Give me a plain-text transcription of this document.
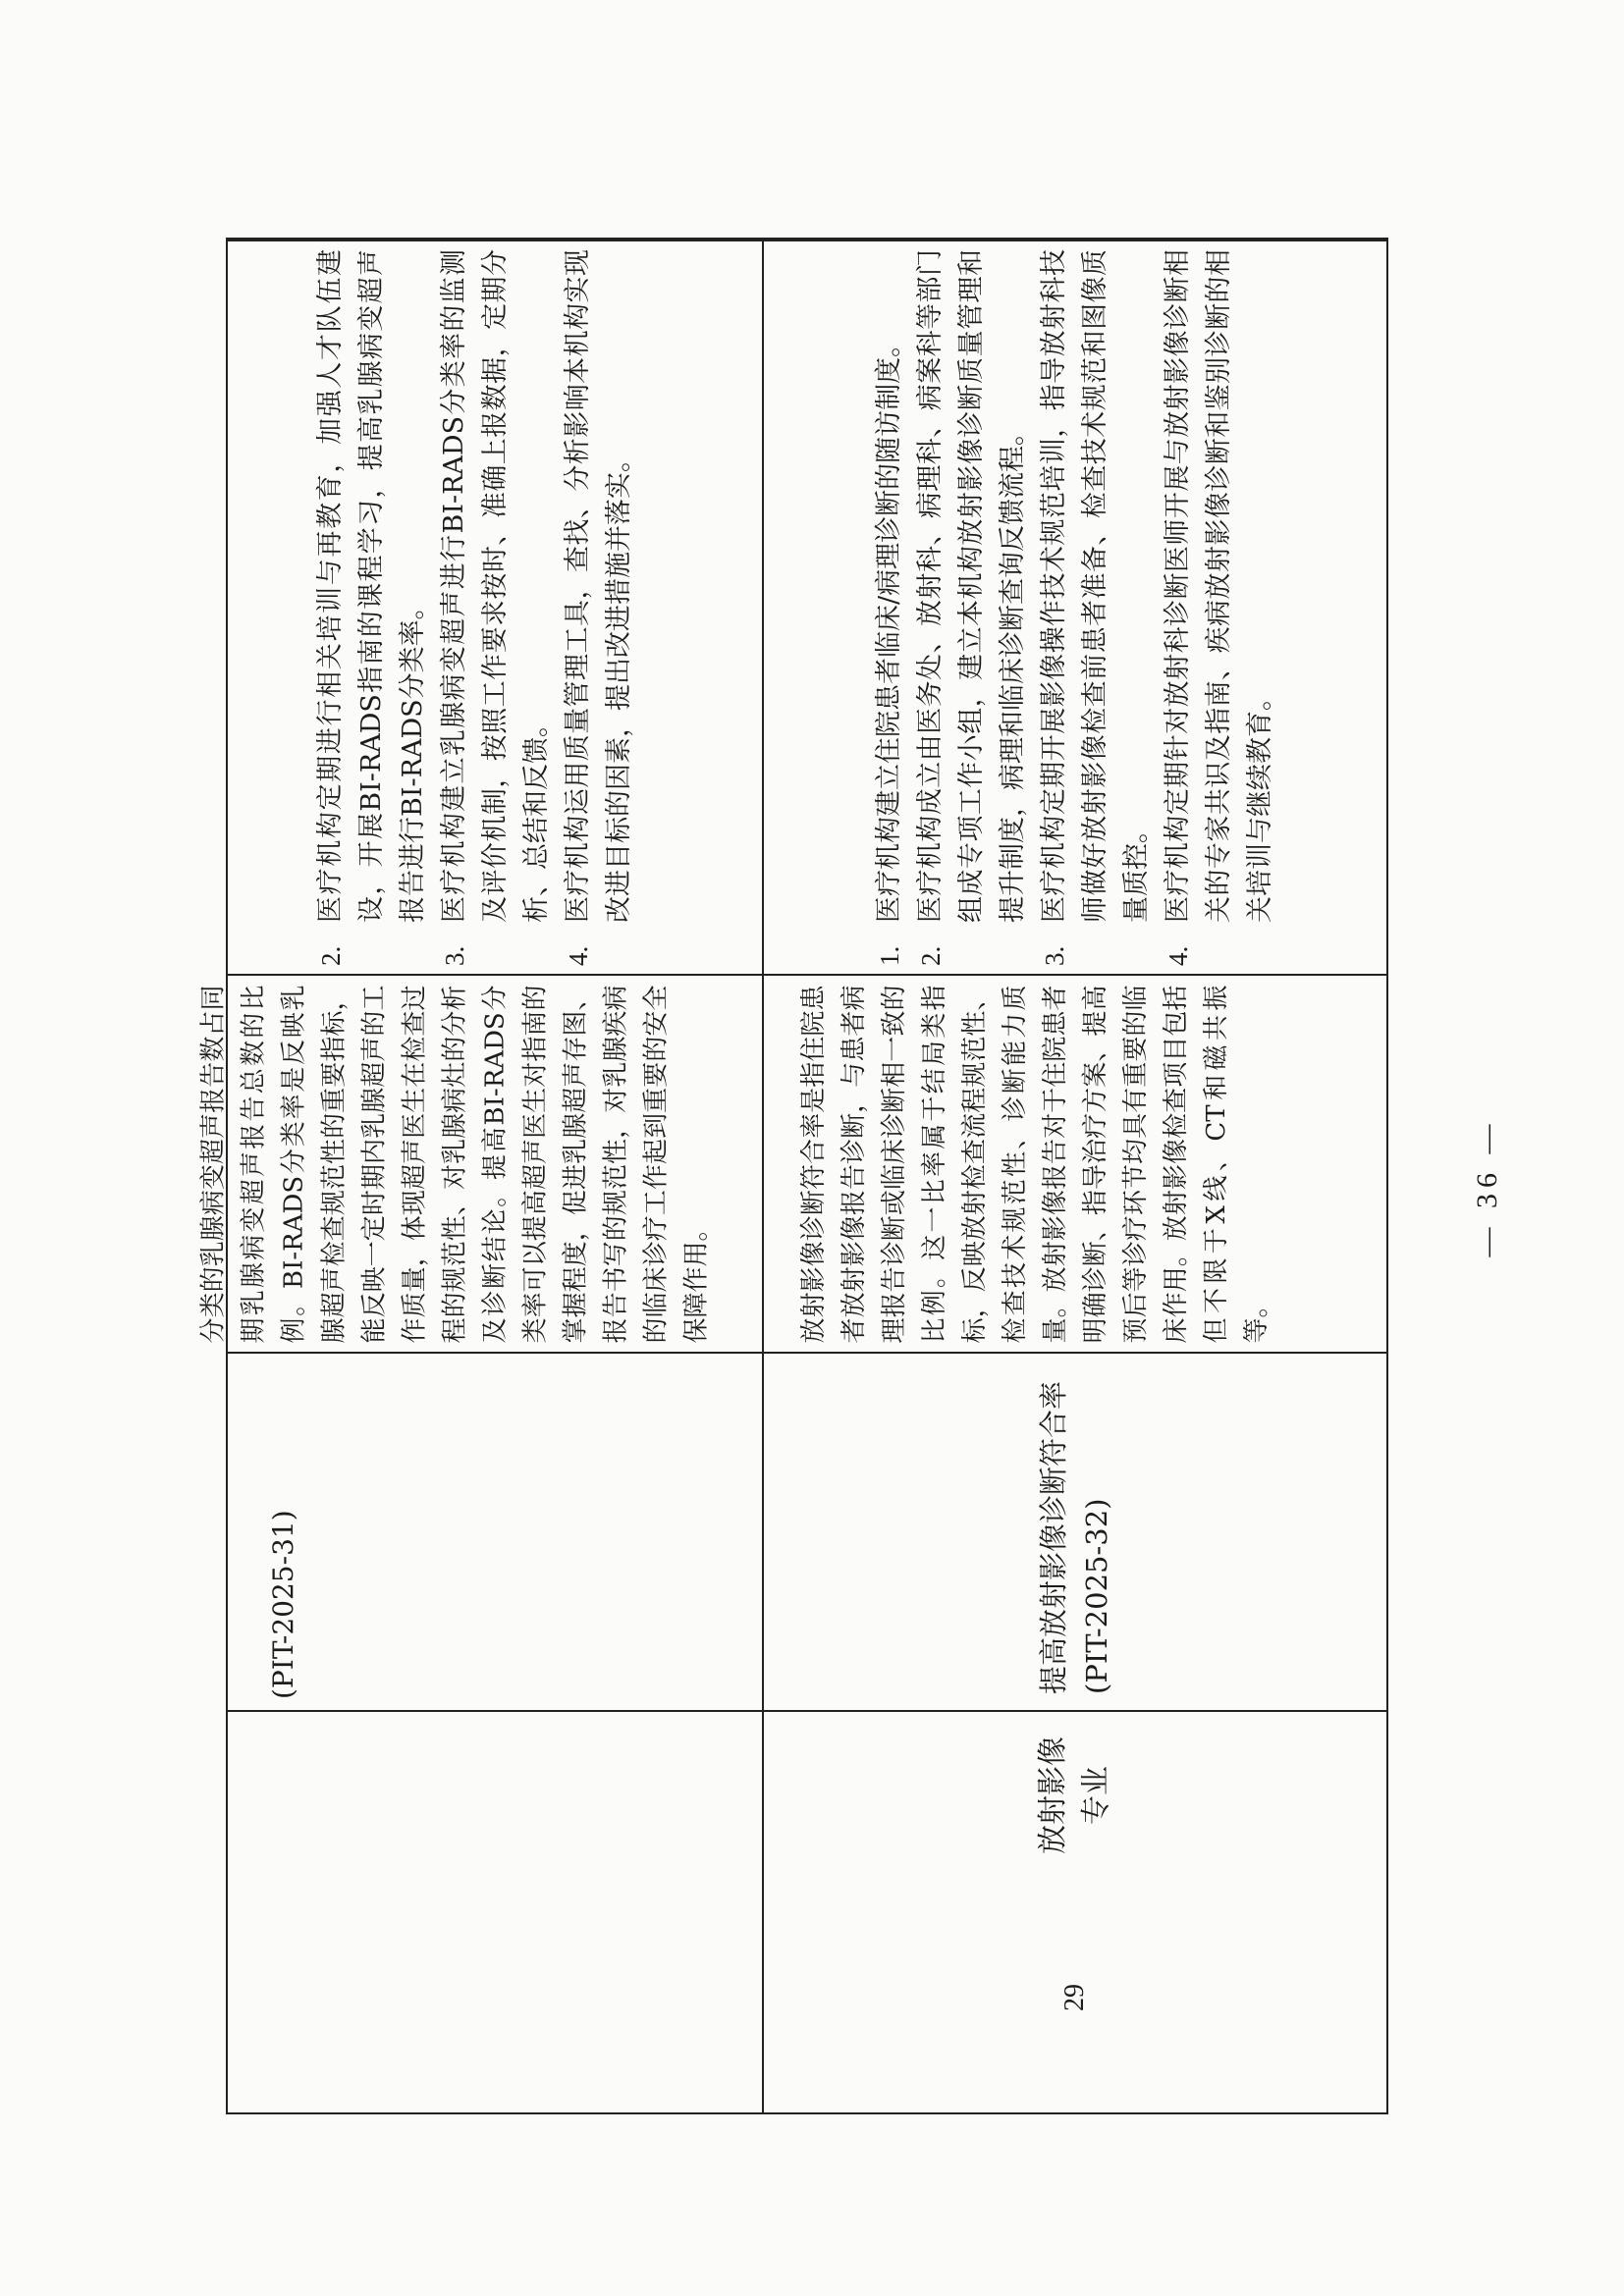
(PIT-2025-31)
分类的乳腺病变超声报告数占同期乳腺病变超声报告总数的比例。BI-RADS分类率是反映乳腺超声检查规范性的重要指标，能反映一定时期内乳腺超声的工作质量，体现超声医生在检查过程的规范性、对乳腺病灶的分析及诊断结论。提高BI-RADS分类率可以提高超声医生对指南的掌握程度，促进乳腺超声存图、报告书写的规范性，对乳腺疾病的临床诊疗工作起到重要的安全保障作用。
2.
医疗机构定期进行相关培训与再教育，加强人才队伍建设，开展BI-RADS指南的课程学习，提高乳腺病变超声报告进行BI-RADS分类率。
3.
医疗机构建立乳腺病变超声进行BI-RADS分类率的监测及评价机制，按照工作要求按时、准确上报数据，定期分析、总结和反馈。
4.
医疗机构运用质量管理工具，查找、分析影响本机构实现改进目标的因素，提出改进措施并落实。
29
放射影像专业
提高放射影像诊断符合率(PIT-2025-32)
放射影像诊断符合率是指住院患者放射影像报告诊断，与患者病理报告诊断或临床诊断相一致的比例。这一比率属于结局类指标，反映放射检查流程规范性、检查技术规范性、诊断能力质量。放射影像报告对于住院患者明确诊断、指导治疗方案、提高预后等诊疗环节均具有重要的临床作用。放射影像检查项目包括但不限于X线、CT和磁共振等。
1.
医疗机构建立住院患者临床/病理诊断的随访制度。
2.
医疗机构成立由医务处、放射科、病理科、病案科等部门组成专项工作小组，建立本机构放射影像诊断质量管理和提升制度，病理和临床诊断查询反馈流程。
3.
医疗机构定期开展影像操作技术规范培训，指导放射科技师做好放射影像检查前患者准备、检查技术规范和图像质量质控。
4.
医疗机构定期针对放射科诊断医师开展与放射影像诊断相关的专家共识及指南、疾病放射影像诊断和鉴别诊断的相关培训与继续教育。
— 36 —
